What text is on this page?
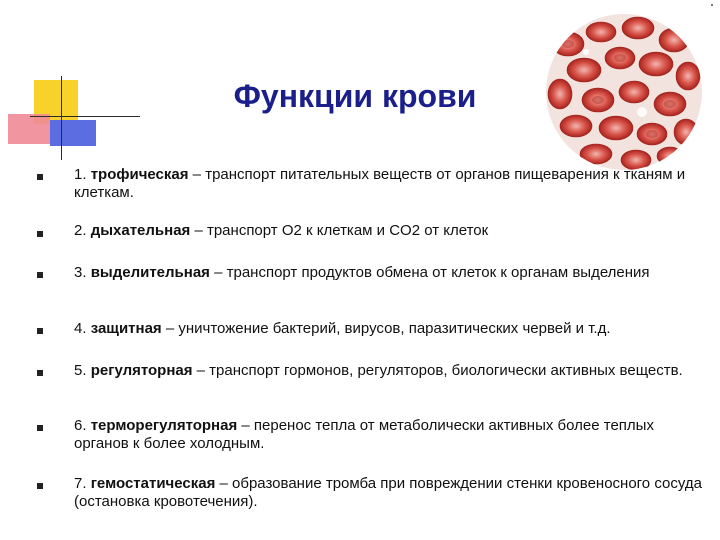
Функции крови
1. трофическая – транспорт питательных веществ от органов пищеварения к тканям и клеткам.
2. дыхательная – транспорт O2 к клеткам и CO2 от клеток
3. выделительная – транспорт продуктов обмена от клеток к органам выделения
4. защитная – уничтожение бактерий, вирусов, паразитических червей и т.д.
5. регуляторная – транспорт гормонов, регуляторов, биологически активных веществ.
6. терморегуляторная – перенос тепла от метаболически активных более теплых органов к более холодным.
7. гемостатическая – образование тромба при повреждении стенки кровеносного сосуда (остановка кровотечения).
